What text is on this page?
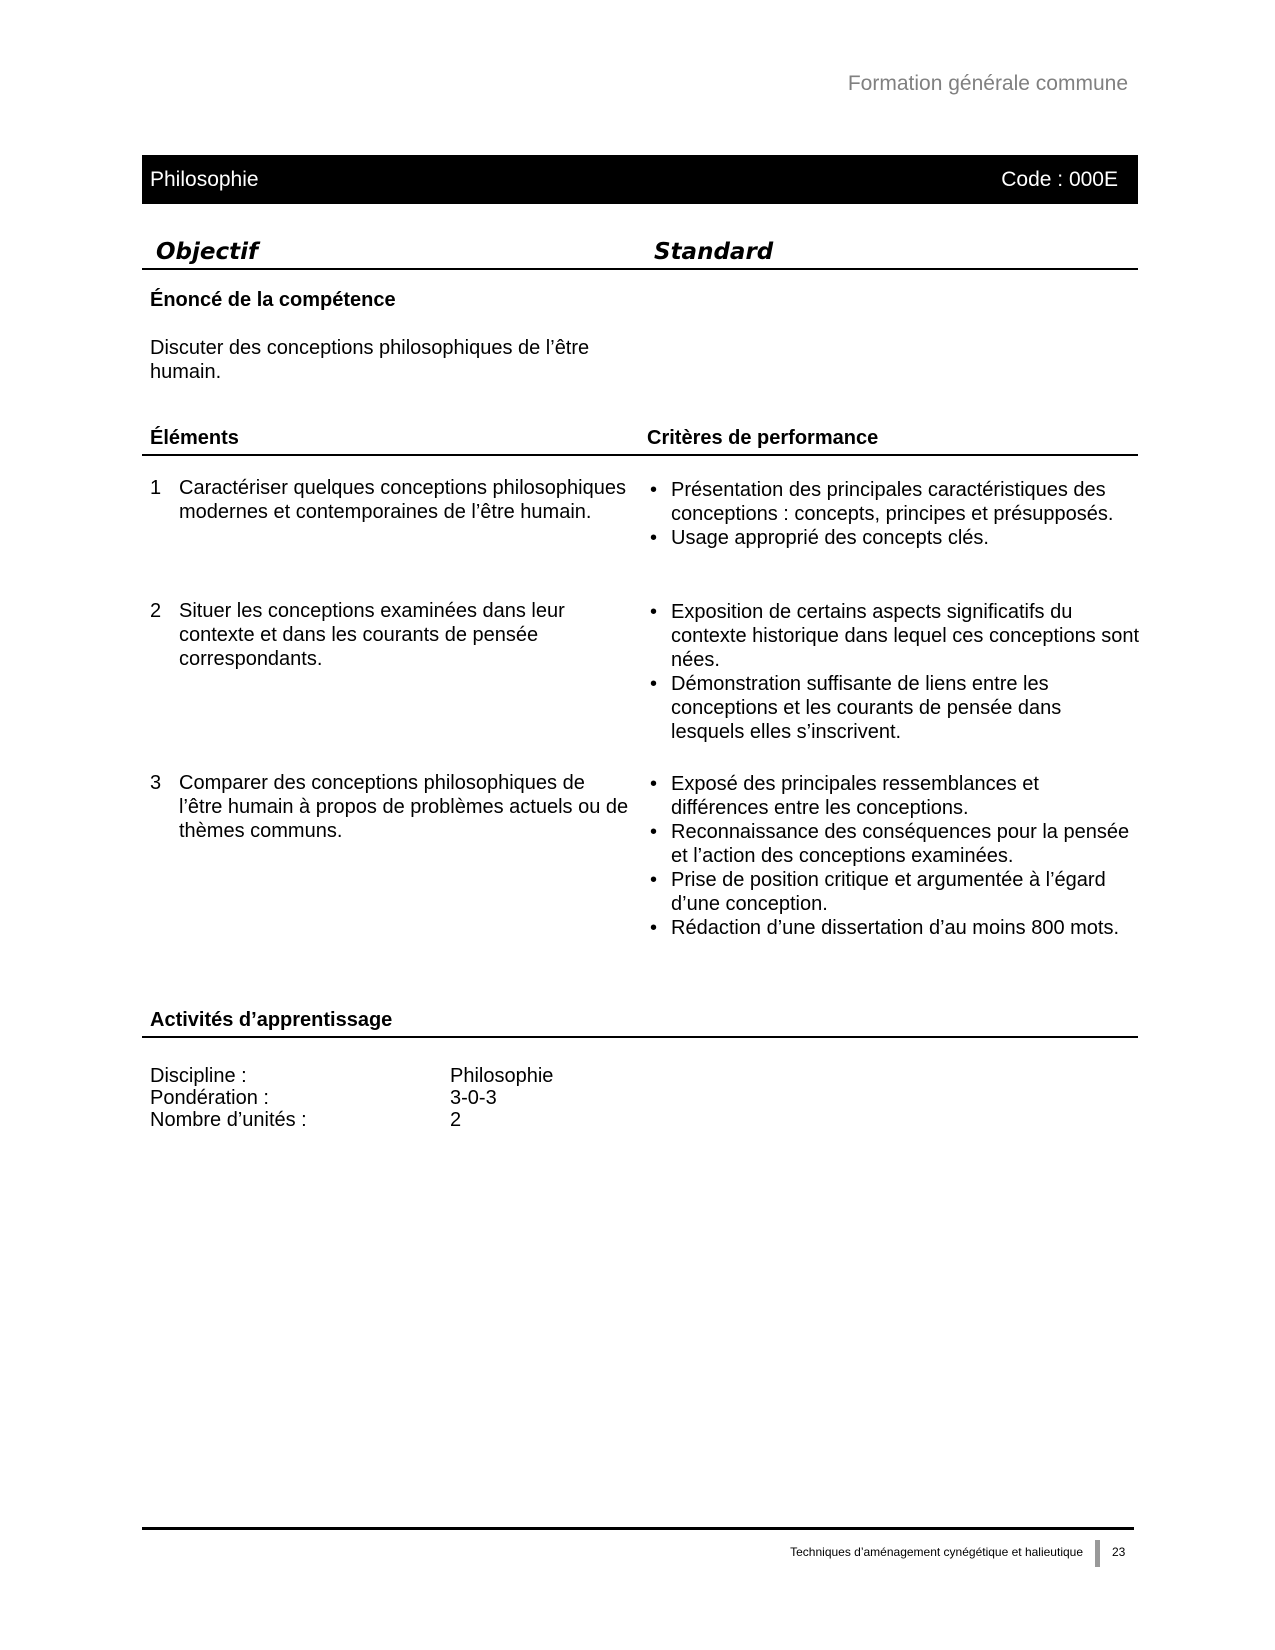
Formation générale commune
Philosophie	Code : 000E
Objectif	Standard
Énoncé de la compétence
Discuter des conceptions philosophiques de l’être humain.
Éléments	Critères de performance
1 Caractériser quelques conceptions philosophiques modernes et contemporaines de l’être humain.
• Présentation des principales caractéristiques des conceptions : concepts, principes et présupposés.
• Usage approprié des concepts clés.
2 Situer les conceptions examinées dans leur contexte et dans les courants de pensée correspondants.
• Exposition de certains aspects significatifs du contexte historique dans lequel ces conceptions sont nées.
• Démonstration suffisante de liens entre les conceptions et les courants de pensée dans lesquels elles s’inscrivent.
3 Comparer des conceptions philosophiques de l’être humain à propos de problèmes actuels ou de thèmes communs.
• Exposé des principales ressemblances et différences entre les conceptions.
• Reconnaissance des conséquences pour la pensée et l’action des conceptions examinées.
• Prise de position critique et argumentée à l’égard d’une conception.
• Rédaction d’une dissertation d’au moins 800 mots.
Activités d’apprentissage
Discipline :	Philosophie
Pondération :	3-0-3
Nombre d’unités :	2
Techniques d’aménagement cynégétique et halieutique 23
